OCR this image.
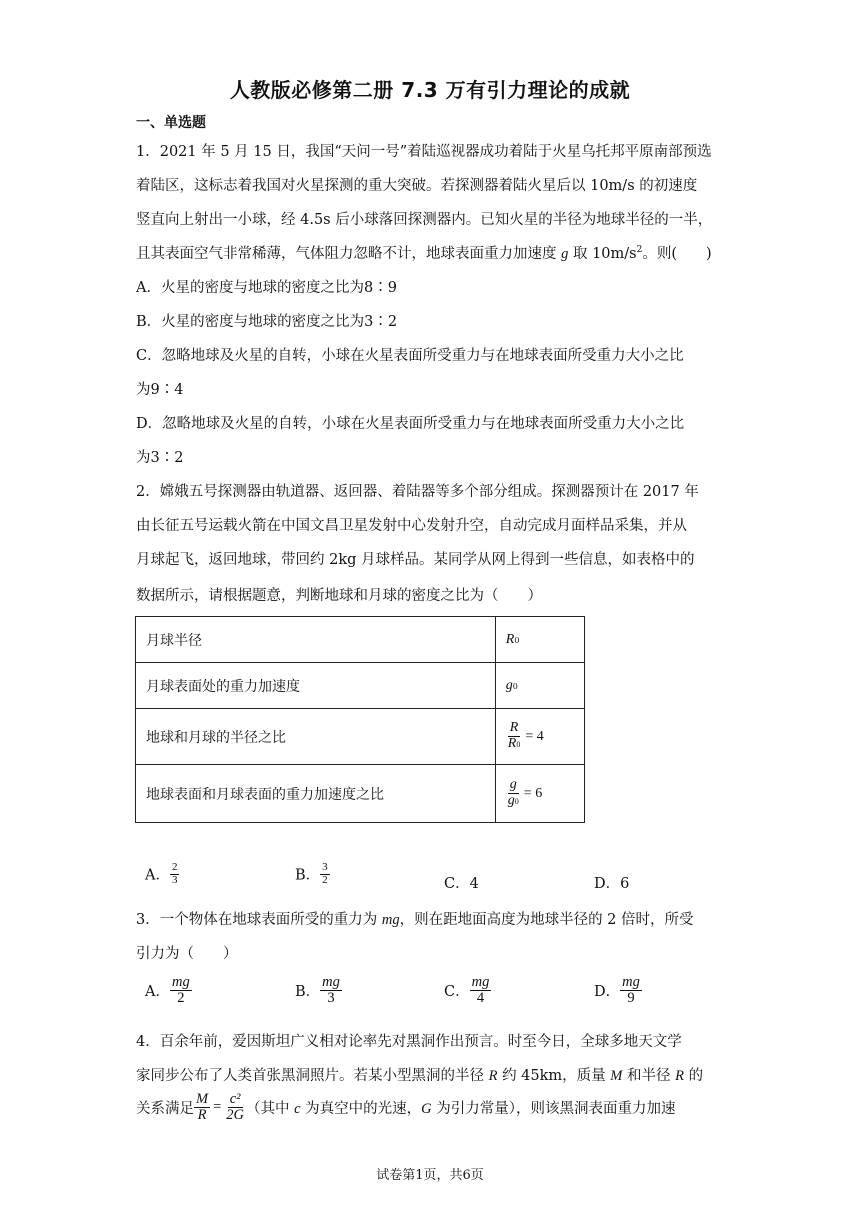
人教版必修第二册 7.3 万有引力理论的成就
一、单选题
1．2021 年 5 月 15 日，我国“天问一号”着陆巡视器成功着陆于火星乌托邦平原南部预选
着陆区，这标志着我国对火星探测的重大突破。若探测器着陆火星后以 10m/s 的初速度
竖直向上射出一小球，经 4.5s 后小球落回探测器内。已知火星的半径为地球半径的一半，
且其表面空气非常稀薄，气体阻力忽略不计，地球表面重力加速度 g 取 $10m/s^2$。则(　　)
A．火星的密度与地球的密度之比为8∶9
B．火星的密度与地球的密度之比为3∶2
C．忽略地球及火星的自转，小球在火星表面所受重力与在地球表面所受重力大小之比
为9∶4
D．忽略地球及火星的自转，小球在火星表面所受重力与在地球表面所受重力大小之比
为3∶2
2．嫦娥五号探测器由轨道器、返回器、着陆器等多个部分组成。探测器预计在 2017 年
由长征五号运载火箭在中国文昌卫星发射中心发射升空，自动完成月面样品采集，并从
月球起飞，返回地球，带回约 2kg 月球样品。某同学从网上得到一些信息，如表格中的
数据所示，请根据题意，判断地球和月球的密度之比为（　　）
月球半径	R0
月球表面处的重力加速度	g0
地球和月球的半径之比	$\frac{R}{R0} = 4$
地球表面和月球表面的重力加速度之比	$\frac{g}{g0} = 6$
A． $\frac{2}{3}$	B． $\frac{3}{2}$	C．4	D．6
3．一个物体在地球表面所受的重力为 mg，则在距地面高度为地球半径的 2 倍时，所受
引力为（　　）
A． $\frac{mg}{2}$	B． $\frac{mg}{3}$	C． $\frac{mg}{4}$	D． $\frac{mg}{9}$
4．百余年前，爱因斯坦广义相对论率先对黑洞作出预言。时至今日，全球多地天文学
家同步公布了人类首张黑洞照片。若某小型黑洞的半径 R 约 45km，质量 M 和半径 R 的
关系满足 $\frac{M}{R} = \frac{\text{c²}}{2G}$ （其中 c 为真空中的光速，G 为引力常量），则该黑洞表面重力加速
试卷第1页，共6页
